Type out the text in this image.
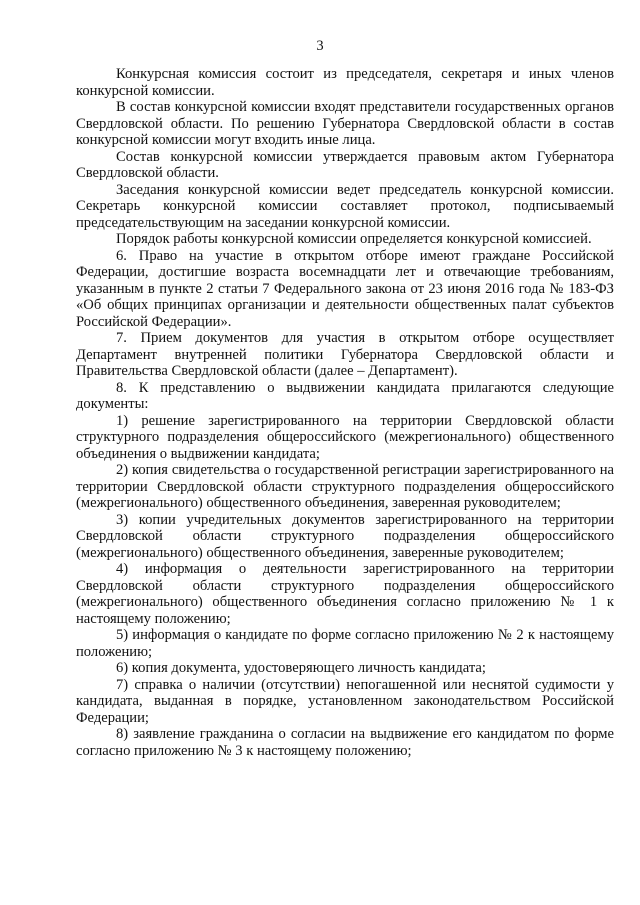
3

Конкурсная комиссия состоит из председателя, секретаря и иных членов конкурсной комиссии.

В состав конкурсной комиссии входят представители государственных органов Свердловской области. По решению Губернатора Свердловской области в состав конкурсной комиссии могут входить иные лица.

Состав конкурсной комиссии утверждается правовым актом Губернатора Свердловской области.

Заседания конкурсной комиссии ведет председатель конкурсной комиссии. Секретарь конкурсной комиссии составляет протокол, подписываемый председательствующим на заседании конкурсной комиссии.

Порядок работы конкурсной комиссии определяется конкурсной комиссией.

6. Право на участие в открытом отборе имеют граждане Российской Федерации, достигшие возраста восемнадцати лет и отвечающие требованиям, указанным в пункте 2 статьи 7 Федерального закона от 23 июня 2016 года № 183-ФЗ «Об общих принципах организации и деятельности общественных палат субъектов Российской Федерации».

7. Прием документов для участия в открытом отборе осуществляет Департамент внутренней политики Губернатора Свердловской области и Правительства Свердловской области (далее – Департамент).

8. К представлению о выдвижении кандидата прилагаются следующие документы:

1) решение зарегистрированного на территории Свердловской области структурного подразделения общероссийского (межрегионального) общественного объединения о выдвижении кандидата;

2) копия свидетельства о государственной регистрации зарегистрированного на территории Свердловской области структурного подразделения общероссийского (межрегионального) общественного объединения, заверенная руководителем;

3) копии учредительных документов зарегистрированного на территории Свердловской области структурного подразделения общероссийского (межрегионального) общественного объединения, заверенные руководителем;

4) информация о деятельности зарегистрированного на территории Свердловской области структурного подразделения общероссийского (межрегионального) общественного объединения согласно приложению № 1 к настоящему положению;

5) информация о кандидате по форме согласно приложению № 2 к настоящему положению;

6) копия документа, удостоверяющего личность кандидата;

7) справка о наличии (отсутствии) непогашенной или неснятой судимости у кандидата, выданная в порядке, установленном законодательством Российской Федерации;

8) заявление гражданина о согласии на выдвижение его кандидатом по форме согласно приложению № 3 к настоящему положению;
